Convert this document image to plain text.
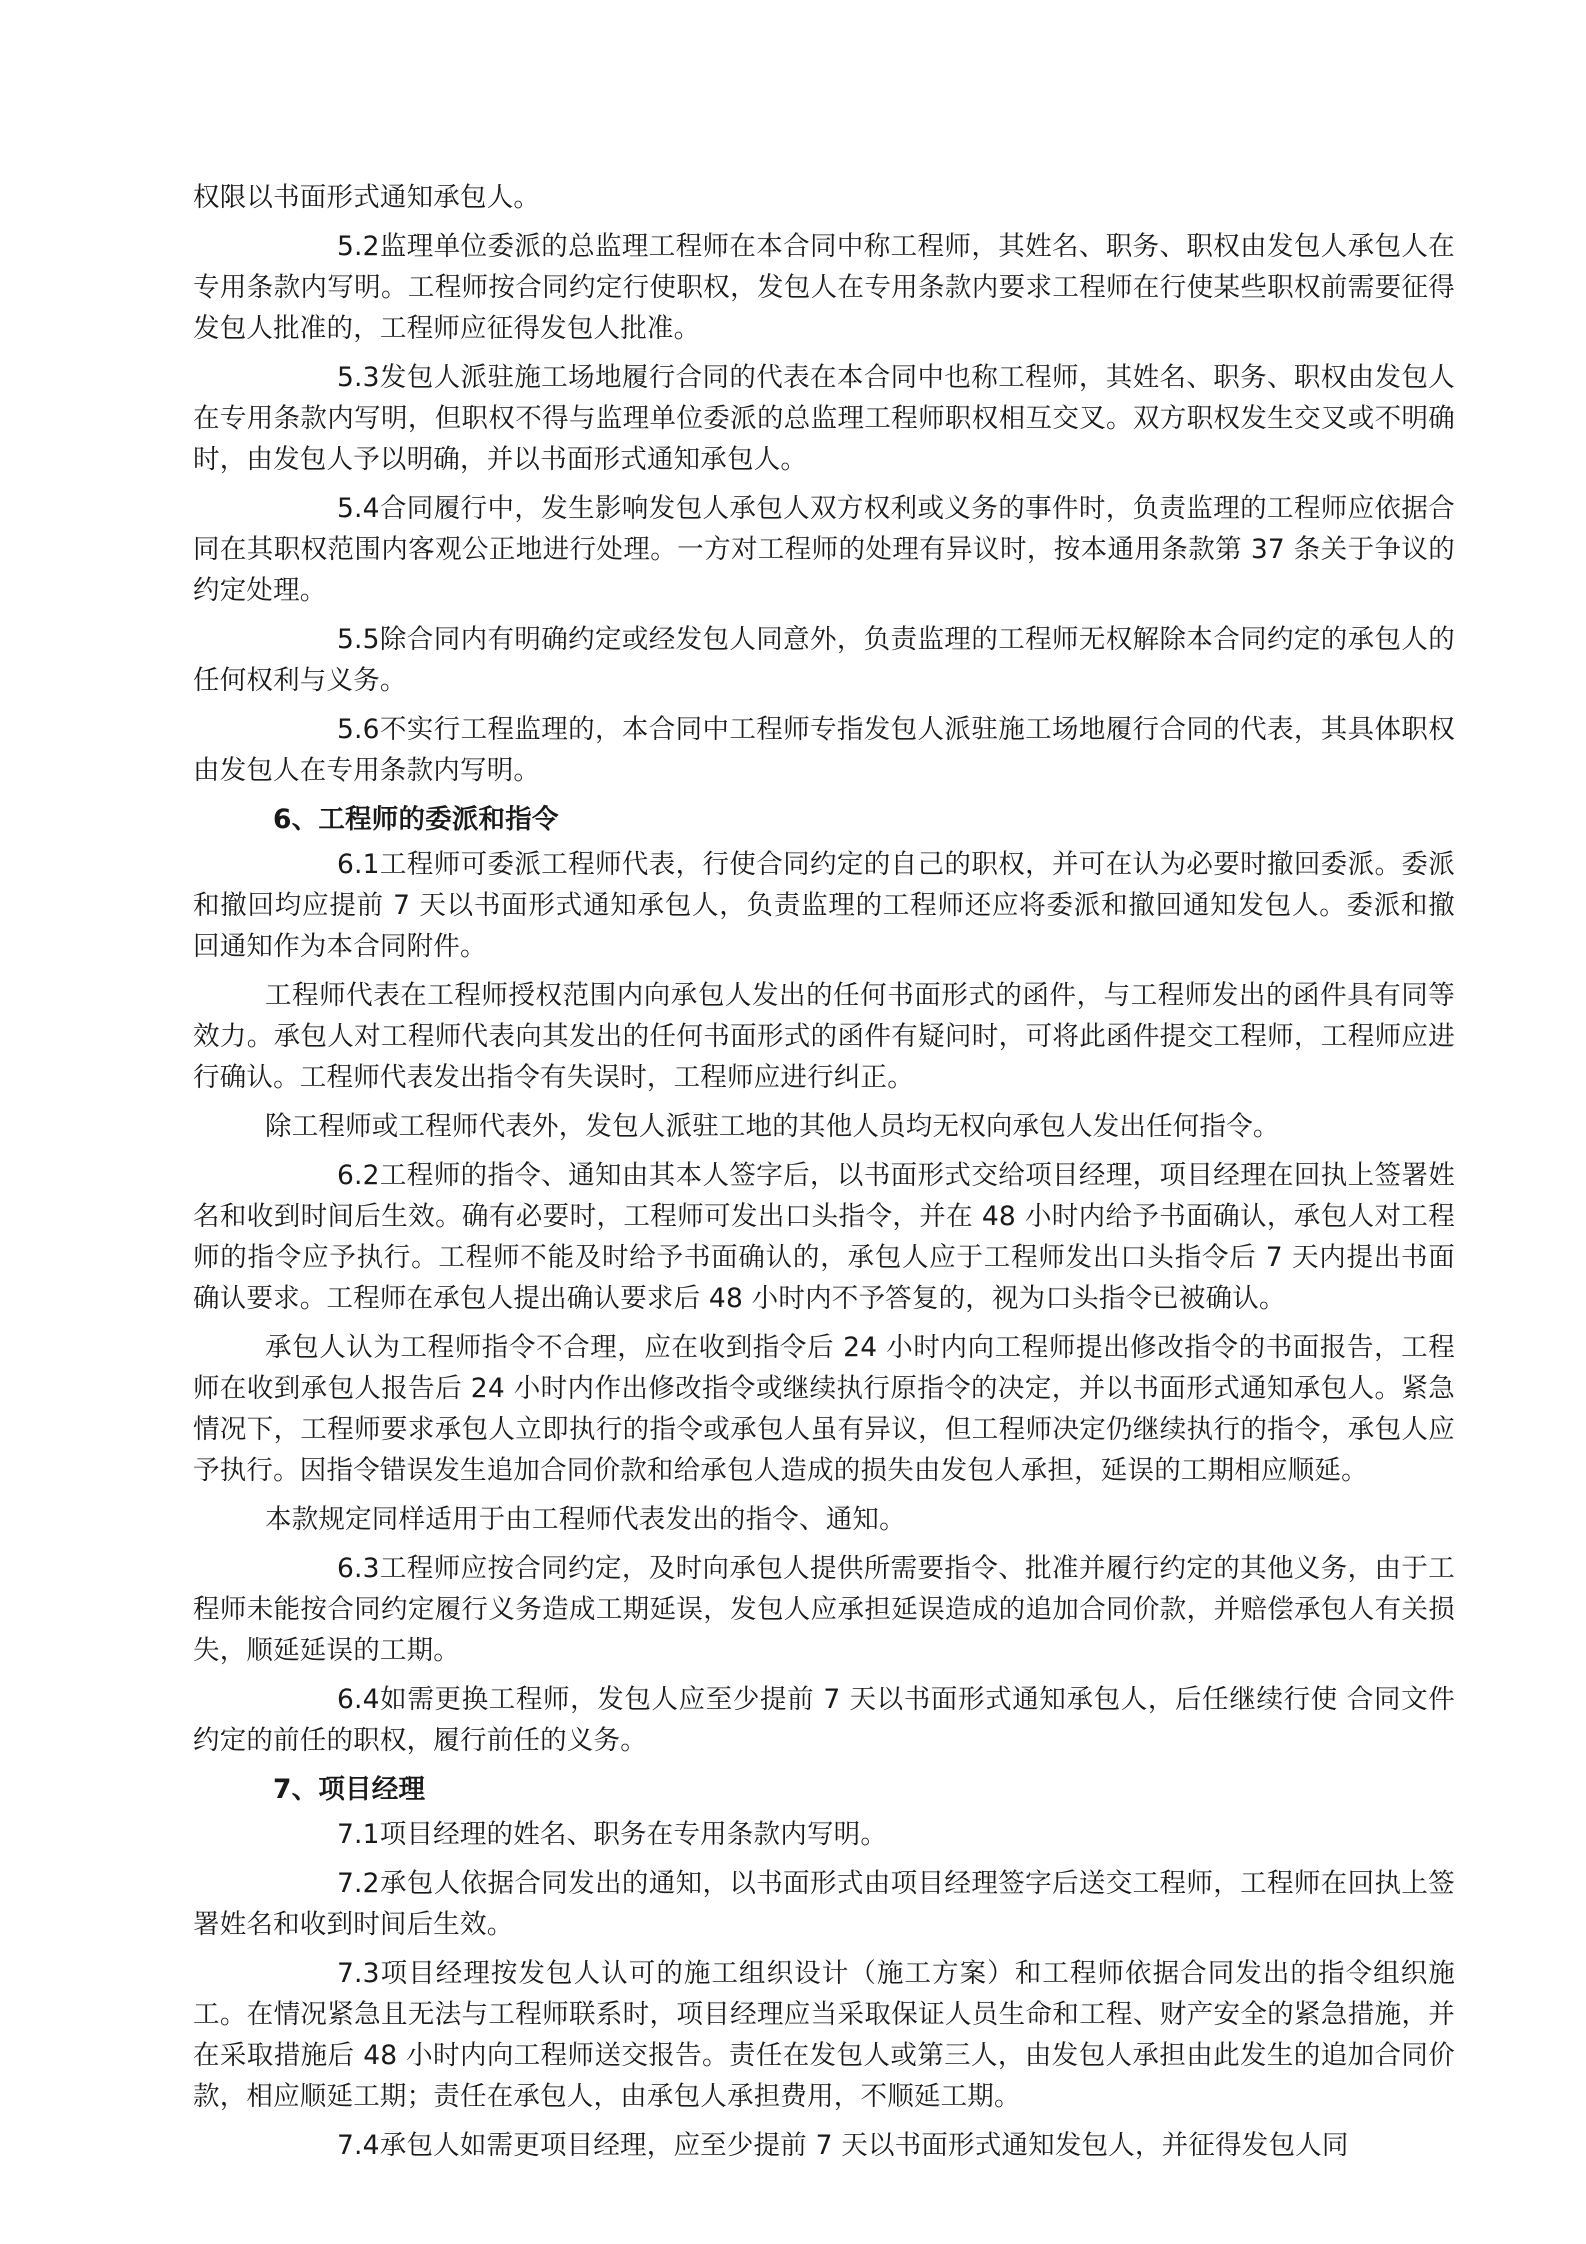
权限以书面形式通知承包人。

5.2监理单位委派的总监理工程师在本合同中称工程师，其姓名、职务、职权由发包人承包人在专用条款内写明。工程师按合同约定行使职权，发包人在专用条款内要求工程师在行使某些职权前需要征得发包人批准的，工程师应征得发包人批准。

5.3发包人派驻施工场地履行合同的代表在本合同中也称工程师，其姓名、职务、职权由发包人在专用条款内写明，但职权不得与监理单位委派的总监理工程师职权相互交叉。双方职权发生交叉或不明确时，由发包人予以明确，并以书面形式通知承包人。

5.4合同履行中，发生影响发包人承包人双方权利或义务的事件时，负责监理的工程师应依据合同在其职权范围内客观公正地进行处理。一方对工程师的处理有异议时，按本通用条款第 37 条关于争议的约定处理。

5.5除合同内有明确约定或经发包人同意外，负责监理的工程师无权解除本合同约定的承包人的任何权利与义务。

5.6不实行工程监理的，本合同中工程师专指发包人派驻施工场地履行合同的代表，其具体职权由发包人在专用条款内写明。

6、工程师的委派和指令

6.1工程师可委派工程师代表，行使合同约定的自己的职权，并可在认为必要时撤回委派。委派和撤回均应提前 7 天以书面形式通知承包人，负责监理的工程师还应将委派和撤回通知发包人。委派和撤回通知作为本合同附件。

工程师代表在工程师授权范围内向承包人发出的任何书面形式的函件，与工程师发出的函件具有同等效力。承包人对工程师代表向其发出的任何书面形式的函件有疑问时，可将此函件提交工程师，工程师应进行确认。工程师代表发出指令有失误时，工程师应进行纠正。

除工程师或工程师代表外，发包人派驻工地的其他人员均无权向承包人发出任何指令。

6.2工程师的指令、通知由其本人签字后，以书面形式交给项目经理，项目经理在回执上签署姓名和收到时间后生效。确有必要时，工程师可发出口头指令，并在 48 小时内给予书面确认，承包人对工程师的指令应予执行。工程师不能及时给予书面确认的，承包人应于工程师发出口头指令后 7 天内提出书面确认要求。工程师在承包人提出确认要求后 48 小时内不予答复的，视为口头指令已被确认。

承包人认为工程师指令不合理，应在收到指令后 24 小时内向工程师提出修改指令的书面报告，工程师在收到承包人报告后 24 小时内作出修改指令或继续执行原指令的决定，并以书面形式通知承包人。紧急情况下，工程师要求承包人立即执行的指令或承包人虽有异议，但工程师决定仍继续执行的指令，承包人应予执行。因指令错误发生追加合同价款和给承包人造成的损失由发包人承担，延误的工期相应顺延。

本款规定同样适用于由工程师代表发出的指令、通知。

6.3工程师应按合同约定，及时向承包人提供所需要指令、批准并履行约定的其他义务，由于工程师未能按合同约定履行义务造成工期延误，发包人应承担延误造成的追加合同价款，并赔偿承包人有关损失，顺延延误的工期。

6.4如需更换工程师，发包人应至少提前 7 天以书面形式通知承包人，后任继续行使 合同文件约定的前任的职权，履行前任的义务。

7、项目经理

7.1项目经理的姓名、职务在专用条款内写明。

7.2承包人依据合同发出的通知，以书面形式由项目经理签字后送交工程师，工程师在回执上签署姓名和收到时间后生效。

7.3项目经理按发包人认可的施工组织设计（施工方案）和工程师依据合同发出的指令组织施工。在情况紧急且无法与工程师联系时，项目经理应当采取保证人员生命和工程、财产安全的紧急措施，并在采取措施后 48 小时内向工程师送交报告。责任在发包人或第三人，由发包人承担由此发生的追加合同价款，相应顺延工期；责任在承包人，由承包人承担费用，不顺延工期。

7.4承包人如需更项目经理，应至少提前 7 天以书面形式通知发包人，并征得发包人同
